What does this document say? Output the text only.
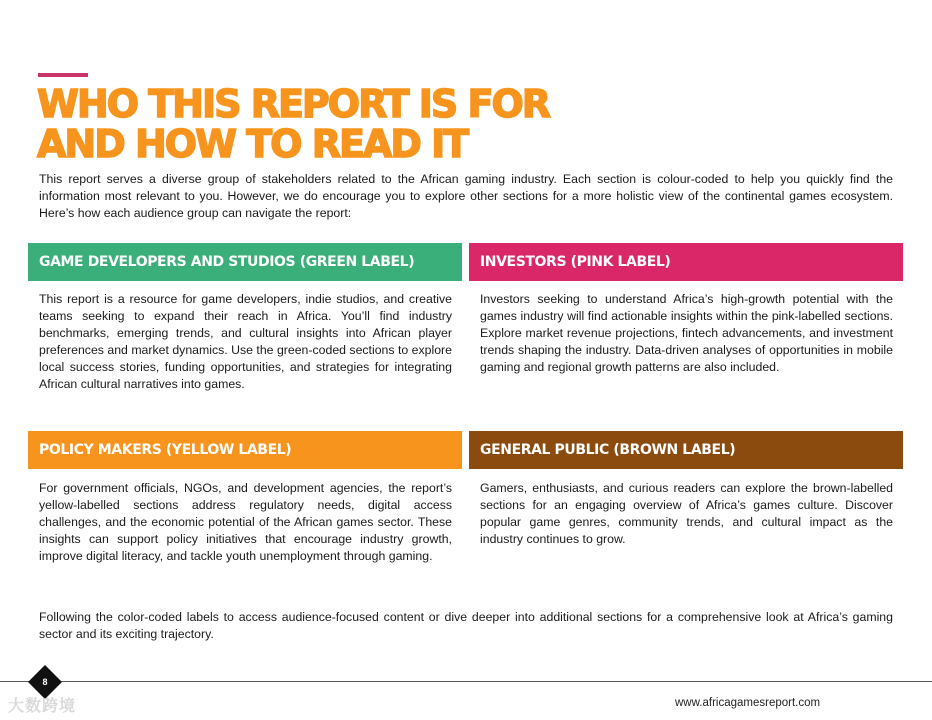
WHO THIS REPORT IS FOR
AND HOW TO READ IT

This report serves a diverse group of stakeholders related to the African gaming industry. Each section is colour-coded to help you quickly find the information most relevant to you. However, we do encourage you to explore other sections for a more holistic view of the continental games ecosystem. Here’s how each audience group can navigate the report:

GAME DEVELOPERS AND STUDIOS (GREEN LABEL)	INVESTORS (PINK LABEL)

This report is a resource for game developers, indie studios, and creative teams seeking to expand their reach in Africa. You’ll find industry benchmarks, emerging trends, and cultural insights into African player preferences and market dynamics. Use the green-coded sections to explore local success stories, funding opportunities, and strategies for integrating African cultural narratives into games.

Investors seeking to understand Africa’s high-growth potential with the games industry will find actionable insights within the pink-labelled sections. Explore market revenue projections, fintech advancements, and investment trends shaping the industry. Data-driven analyses of opportunities in mobile gaming and regional growth patterns are also included.

POLICY MAKERS (YELLOW LABEL)	GENERAL PUBLIC (BROWN LABEL)

For government officials, NGOs, and development agencies, the report’s yellow-labelled sections address regulatory needs, digital access challenges, and the economic potential of the African games sector. These insights can support policy initiatives that encourage industry growth, improve digital literacy, and tackle youth unemployment through gaming.

Gamers, enthusiasts, and curious readers can explore the brown-labelled sections for an engaging overview of Africa’s games culture. Discover popular game genres, community trends, and cultural impact as the industry continues to grow.

Following the color-coded labels to access audience-focused content or dive deeper into additional sections for a comprehensive look at Africa’s gaming sector and its exciting trajectory.

8
大数跨境	www.africagamesreport.com
